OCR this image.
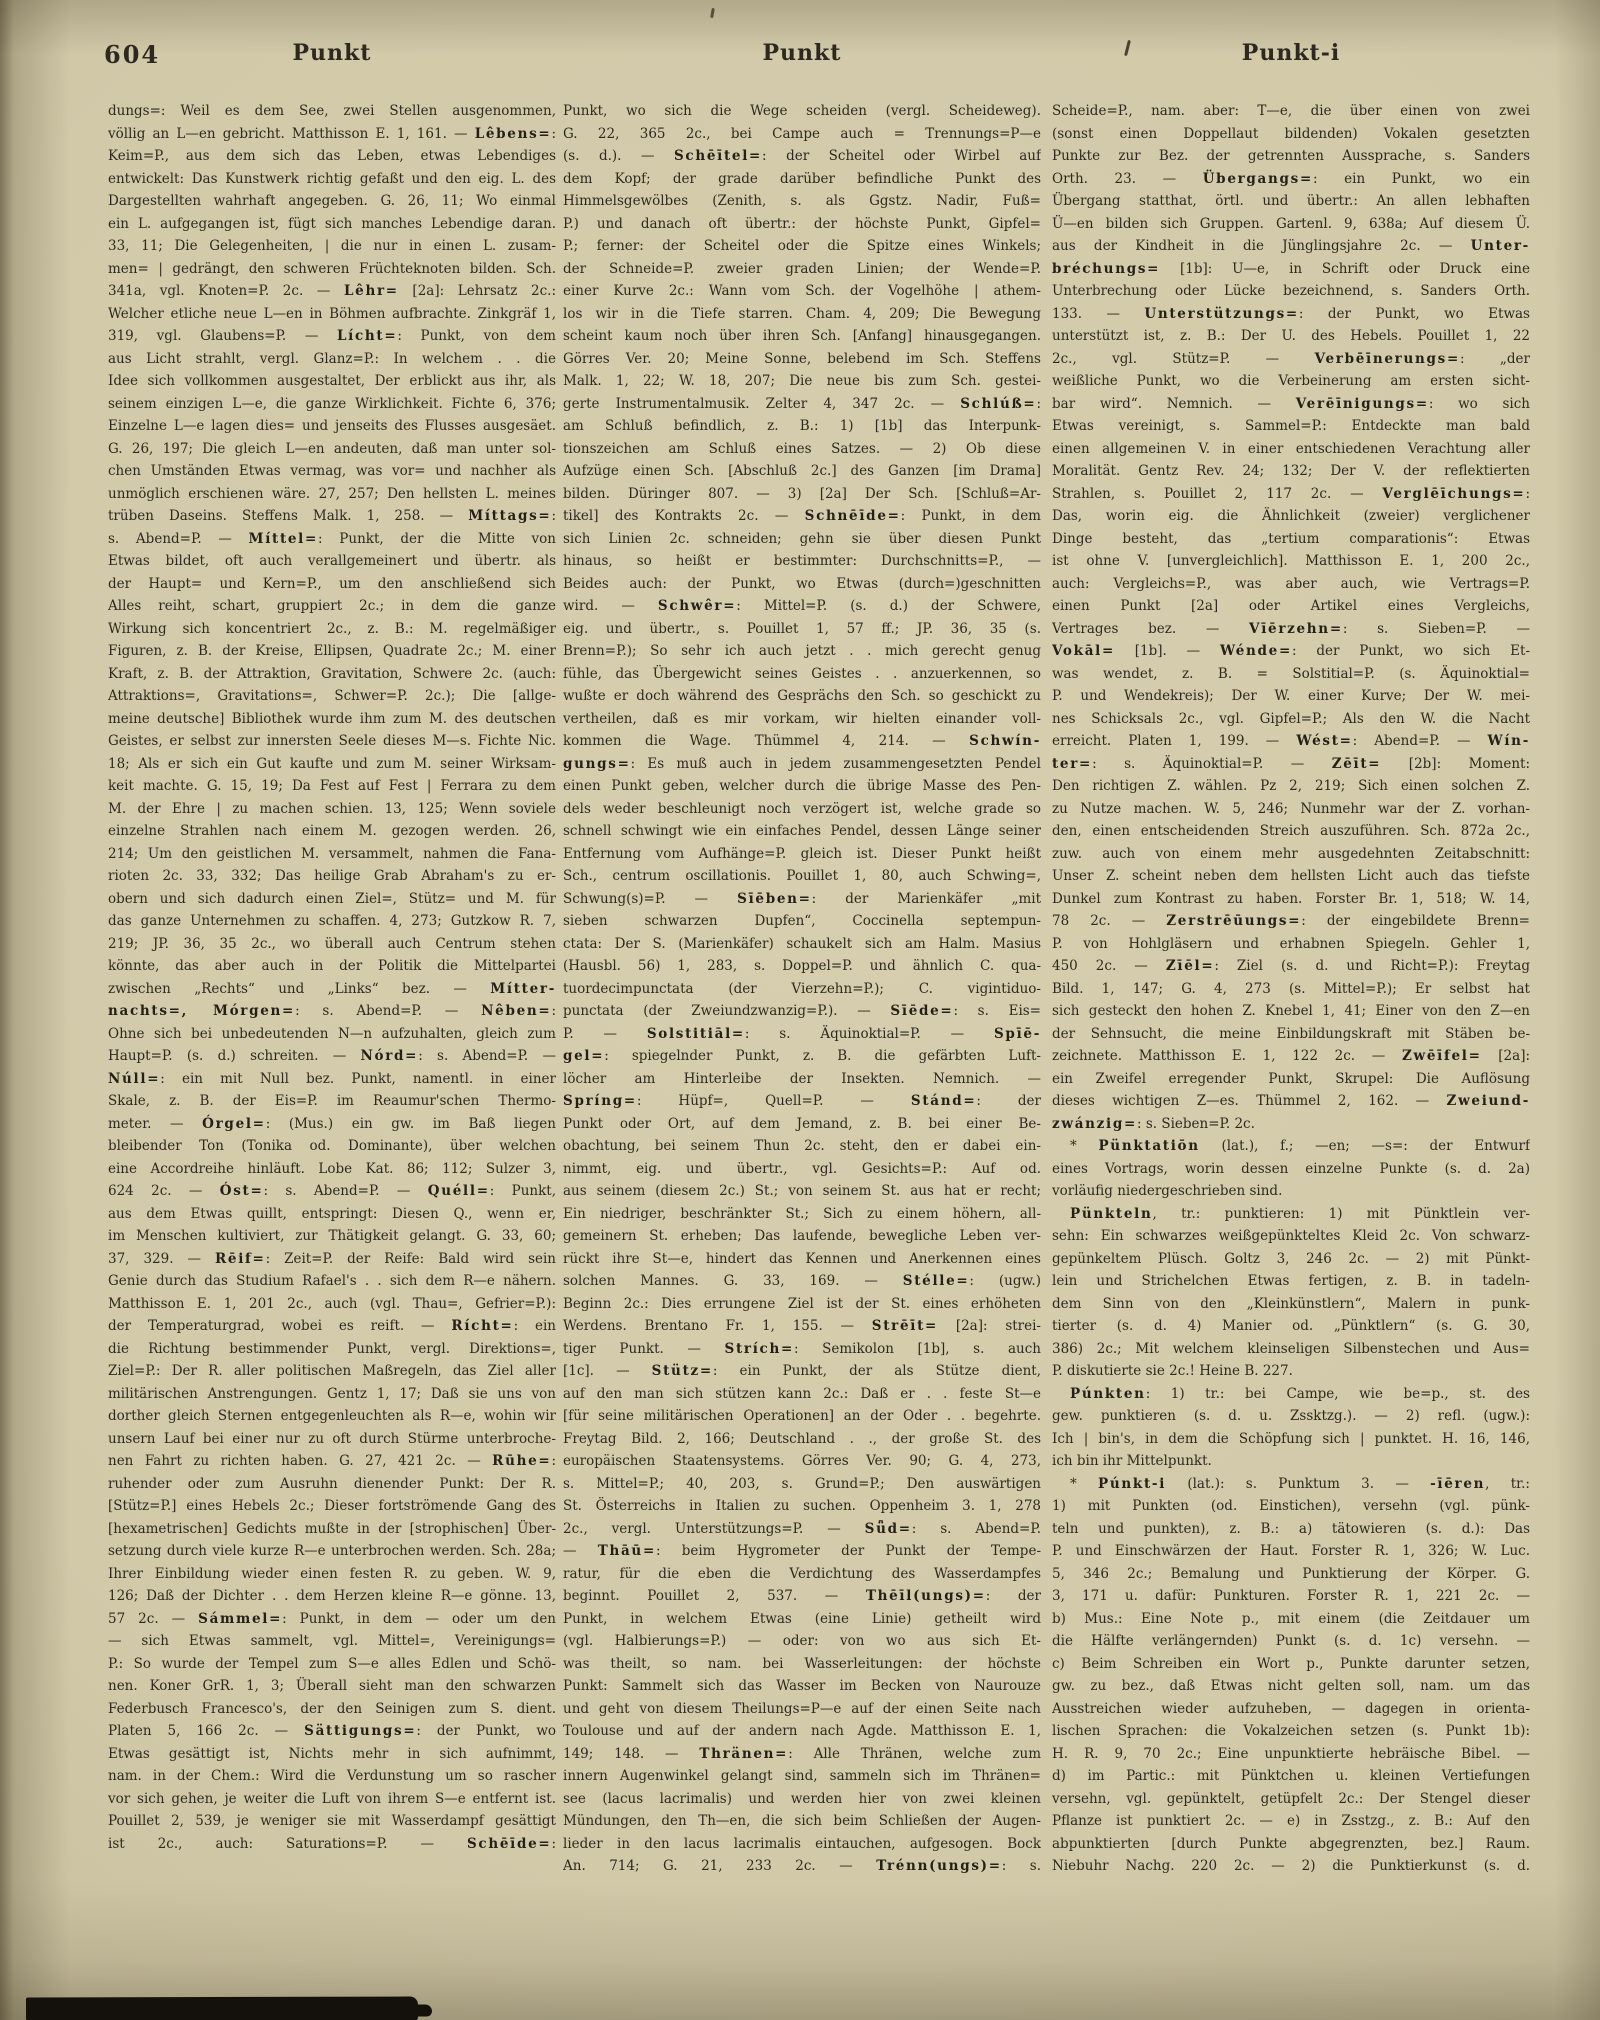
604	Punkt	Punkt	Punkt-i
dungs=: Weil es dem See, zwei Stellen ausgenommen,
völlig an L—en gebricht. Matthisson E. 1, 161. — Lêbens=:
Keim=P., aus dem sich das Leben, etwas Lebendiges
entwickelt: Das Kunstwerk richtig gefaßt und den eig. L. des
Dargestellten wahrhaft angegeben. G. 26, 11; Wo einmal
ein L. aufgegangen ist, fügt sich manches Lebendige daran.
33, 11; Die Gelegenheiten, | die nur in einen L. zusam-
men= | gedrängt, den schweren Früchteknoten bilden. Sch.
341a, vgl. Knoten=P. 2c. — Lêhr= [2a]: Lehrsatz 2c.:
Welcher etliche neue L—en in Böhmen aufbrachte. Zinkgräf 1,
319, vgl. Glaubens=P. — Lícht=: Punkt, von dem
aus Licht strahlt, vergl. Glanz=P.: In welchem . . die
Idee sich vollkommen ausgestaltet, Der erblickt aus ihr, als
seinem einzigen L—e, die ganze Wirklichkeit. Fichte 6, 376;
Einzelne L—e lagen dies= und jenseits des Flusses ausgesäet.
G. 26, 197; Die gleich L—en andeuten, daß man unter sol-
chen Umständen Etwas vermag, was vor= und nachher als
unmöglich erschienen wäre. 27, 257; Den hellsten L. meines
trüben Daseins. Steffens Malk. 1, 258. — Míttags=:
s. Abend=P. — Míttel=: Punkt, der die Mitte von
Etwas bildet, oft auch verallgemeinert und übertr. als
der Haupt= und Kern=P., um den anschließend sich
Alles reiht, schart, gruppiert 2c.; in dem die ganze
Wirkung sich koncentriert 2c., z. B.: M. regelmäßiger
Figuren, z. B. der Kreise, Ellipsen, Quadrate 2c.; M. einer
Kraft, z. B. der Attraktion, Gravitation, Schwere 2c. (auch:
Attraktions=, Gravitations=, Schwer=P. 2c.); Die [allge-
meine deutsche] Bibliothek wurde ihm zum M. des deutschen
Geistes, er selbst zur innersten Seele dieses M—s. Fichte Nic.
18; Als er sich ein Gut kaufte und zum M. seiner Wirksam-
keit machte. G. 15, 19; Da Fest auf Fest | Ferrara zu dem
M. der Ehre | zu machen schien. 13, 125; Wenn soviele
einzelne Strahlen nach einem M. gezogen werden. 26,
214; Um den geistlichen M. versammelt, nahmen die Fana-
rioten 2c. 33, 332; Das heilige Grab Abraham's zu er-
obern und sich dadurch einen Ziel=, Stütz= und M. für
das ganze Unternehmen zu schaffen. 4, 273; Gutzkow R. 7,
219; JP. 36, 35 2c., wo überall auch Centrum stehen
könnte, das aber auch in der Politik die Mittelpartei
zwischen „Rechts“ und „Links“ bez. — Mítter-
nachts=, Mórgen=: s. Abend=P. — Nêben=:
Ohne sich bei unbedeutenden N—n aufzuhalten, gleich zum
Haupt=P. (s. d.) schreiten. — Nórd=: s. Abend=P. —
Núll=: ein mit Null bez. Punkt, namentl. in einer
Skale, z. B. der Eis=P. im Reaumur'schen Thermo-
meter. — Órgel=: (Mus.) ein gw. im Baß liegen
bleibender Ton (Tonika od. Dominante), über welchen
eine Accordreihe hinläuft. Lobe Kat. 86; 112; Sulzer 3,
624 2c. — Óst=: s. Abend=P. — Quéll=: Punkt,
aus dem Etwas quillt, entspringt: Diesen Q., wenn er,
im Menschen kultiviert, zur Thätigkeit gelangt. G. 33, 60;
37, 329. — Rēif=: Zeit=P. der Reife: Bald wird sein
Genie durch das Studium Rafael's . . sich dem R—e nähern.
Matthisson E. 1, 201 2c., auch (vgl. Thau=, Gefrier=P.):
der Temperaturgrad, wobei es reift. — Rícht=: ein
die Richtung bestimmender Punkt, vergl. Direktions=,
Ziel=P.: Der R. aller politischen Maßregeln, das Ziel aller
militärischen Anstrengungen. Gentz 1, 17; Daß sie uns von
dorther gleich Sternen entgegenleuchten als R—e, wohin wir
unsern Lauf bei einer nur zu oft durch Stürme unterbroche-
nen Fahrt zu richten haben. G. 27, 421 2c. — Rūhe=:
ruhender oder zum Ausruhn dienender Punkt: Der R.
[Stütz=P.] eines Hebels 2c.; Dieser fortströmende Gang des
[hexametrischen] Gedichts mußte in der [strophischen] Über-
setzung durch viele kurze R—e unterbrochen werden. Sch. 28a;
Ihrer Einbildung wieder einen festen R. zu geben. W. 9,
126; Daß der Dichter . . dem Herzen kleine R—e gönne. 13,
57 2c. — Sámmel=: Punkt, in dem — oder um den
— sich Etwas sammelt, vgl. Mittel=, Vereinigungs=
P.: So wurde der Tempel zum S—e alles Edlen und Schö-
nen. Koner GrR. 1, 3; Überall sieht man den schwarzen
Federbusch Francesco's, der den Seinigen zum S. dient.
Platen 5, 166 2c. — Sättigungs=: der Punkt, wo
Etwas gesättigt ist, Nichts mehr in sich aufnimmt,
nam. in der Chem.: Wird die Verdunstung um so rascher
vor sich gehen, je weiter die Luft von ihrem S—e entfernt ist.
Pouillet 2, 539, je weniger sie mit Wasserdampf gesättigt
ist 2c., auch: Saturations=P. — Schēīde=:
Punkt, wo sich die Wege scheiden (vergl. Scheideweg).
G. 22, 365 2c., bei Campe auch = Trennungs=P—e
(s. d.). — Schēītel=: der Scheitel oder Wirbel auf
dem Kopf; der grade darüber befindliche Punkt des
Himmelsgewölbes (Zenith, s. als Ggstz. Nadir, Fuß=
P.) und danach oft übertr.: der höchste Punkt, Gipfel=
P.; ferner: der Scheitel oder die Spitze eines Winkels;
der Schneide=P. zweier graden Linien; der Wende=P.
einer Kurve 2c.: Wann vom Sch. der Vogelhöhe | athem-
los wir in die Tiefe starren. Cham. 4, 209; Die Bewegung
scheint kaum noch über ihren Sch. [Anfang] hinausgegangen.
Görres Ver. 20; Meine Sonne, belebend im Sch. Steffens
Malk. 1, 22; W. 18, 207; Die neue bis zum Sch. gestei-
gerte Instrumentalmusik. Zelter 4, 347 2c. — Schlúß=:
am Schluß befindlich, z. B.: 1) [1b] das Interpunk-
tionszeichen am Schluß eines Satzes. — 2) Ob diese
Aufzüge einen Sch. [Abschluß 2c.] des Ganzen [im Drama]
bilden. Düringer 807. — 3) [2a] Der Sch. [Schluß=Ar-
tikel] des Kontrakts 2c. — Schnēīde=: Punkt, in dem
sich Linien 2c. schneiden; gehn sie über diesen Punkt
hinaus, so heißt er bestimmter: Durchschnitts=P., —
Beides auch: der Punkt, wo Etwas (durch=)geschnitten
wird. — Schwêr=: Mittel=P. (s. d.) der Schwere,
eig. und übertr., s. Pouillet 1, 57 ff.; JP. 36, 35 (s.
Brenn=P.); So sehr ich auch jetzt . . mich gerecht genug
fühle, das Übergewicht seines Geistes . . anzuerkennen, so
wußte er doch während des Gesprächs den Sch. so geschickt zu
vertheilen, daß es mir vorkam, wir hielten einander voll-
kommen die Wage. Thümmel 4, 214. — Schwín-
gungs=: Es muß auch in jedem zusammengesetzten Pendel
einen Punkt geben, welcher durch die übrige Masse des Pen-
dels weder beschleunigt noch verzögert ist, welche grade so
schnell schwingt wie ein einfaches Pendel, dessen Länge seiner
Entfernung vom Aufhänge=P. gleich ist. Dieser Punkt heißt
Sch., centrum oscillationis. Pouillet 1, 80, auch Schwing=,
Schwung(s)=P. — Sīēben=: der Marienkäfer „mit
sieben schwarzen Dupfen“, Coccinella septempun-
ctata: Der S. (Marienkäfer) schaukelt sich am Halm. Masius
(Hausbl. 56) 1, 283, s. Doppel=P. und ähnlich C. qua-
tuordecimpunctata (der Vierzehn=P.); C. vigintiduo-
punctata (der Zweiundzwanzig=P.). — Sīēde=: s. Eis=
P. — Solstitiāl=: s. Äquinoktial=P. — Spīē-
gel=: spiegelnder Punkt, z. B. die gefärbten Luft-
löcher am Hinterleibe der Insekten. Nemnich. —
Spríng=: Hüpf=, Quell=P. — Stánd=: der
Punkt oder Ort, auf dem Jemand, z. B. bei einer Be-
obachtung, bei seinem Thun 2c. steht, den er dabei ein-
nimmt, eig. und übertr., vgl. Gesichts=P.: Auf od.
aus seinem (diesem 2c.) St.; von seinem St. aus hat er recht;
Ein niedriger, beschränkter St.; Sich zu einem höhern, all-
gemeinern St. erheben; Das laufende, bewegliche Leben ver-
rückt ihre St—e, hindert das Kennen und Anerkennen eines
solchen Mannes. G. 33, 169. — Stélle=: (ugw.)
Beginn 2c.: Dies errungene Ziel ist der St. eines erhöheten
Werdens. Brentano Fr. 1, 155. — Strēīt= [2a]: strei-
tiger Punkt. — Strích=: Semikolon [1b], s. auch
[1c]. — Stütz=: ein Punkt, der als Stütze dient,
auf den man sich stützen kann 2c.: Daß er . . feste St—e
[für seine militärischen Operationen] an der Oder . . begehrte.
Freytag Bild. 2, 166; Deutschland . ., der große St. des
europäischen Staatensystems. Görres Ver. 90; G. 4, 273,
s. Mittel=P.; 40, 203, s. Grund=P.; Den auswärtigen
St. Österreichs in Italien zu suchen. Oppenheim 3. 1, 278
2c., vergl. Unterstützungs=P. — Sǖd=: s. Abend=P.
— Thāū=: beim Hygrometer der Punkt der Tempe-
ratur, für die eben die Verdichtung des Wasserdampfes
beginnt. Pouillet 2, 537. — Thēīl(ungs)=: der
Punkt, in welchem Etwas (eine Linie) getheilt wird
(vgl. Halbierungs=P.) — oder: von wo aus sich Et-
was theilt, so nam. bei Wasserleitungen: der höchste
Punkt: Sammelt sich das Wasser im Becken von Naurouze
und geht von diesem Theilungs=P—e auf der einen Seite nach
Toulouse und auf der andern nach Agde. Matthisson E. 1,
149; 148. — Thränen=: Alle Thränen, welche zum
innern Augenwinkel gelangt sind, sammeln sich im Thränen=
see (lacus lacrimalis) und werden hier von zwei kleinen
Mündungen, den Th—en, die sich beim Schließen der Augen-
lieder in den lacus lacrimalis eintauchen, aufgesogen. Bock
An. 714; G. 21, 233 2c. — Trénn(ungs)=: s.
Scheide=P., nam. aber: T—e, die über einen von zwei
(sonst einen Doppellaut bildenden) Vokalen gesetzten
Punkte zur Bez. der getrennten Aussprache, s. Sanders
Orth. 23. — Übergangs=: ein Punkt, wo ein
Übergang statthat, örtl. und übertr.: An allen lebhaften
Ü—en bilden sich Gruppen. Gartenl. 9, 638a; Auf diesem Ü.
aus der Kindheit in die Jünglingsjahre 2c. — Unter-
bréchungs= [1b]: U—e, in Schrift oder Druck eine
Unterbrechung oder Lücke bezeichnend, s. Sanders Orth.
133. — Unterstützungs=: der Punkt, wo Etwas
unterstützt ist, z. B.: Der U. des Hebels. Pouillet 1, 22
2c., vgl. Stütz=P. — Verbēīnerungs=: „der
weißliche Punkt, wo die Verbeinerung am ersten sicht-
bar wird“. Nemnich. — Verēīnigungs=: wo sich
Etwas vereinigt, s. Sammel=P.: Entdeckte man bald
einen allgemeinen V. in einer entschiedenen Verachtung aller
Moralität. Gentz Rev. 24; 132; Der V. der reflektierten
Strahlen, s. Pouillet 2, 117 2c. — Verglēīchungs=:
Das, worin eig. die Ähnlichkeit (zweier) verglichener
Dinge besteht, das „tertium comparationis“: Etwas
ist ohne V. [unvergleichlich]. Matthisson E. 1, 200 2c.,
auch: Vergleichs=P., was aber auch, wie Vertrags=P.
einen Punkt [2a] oder Artikel eines Vergleichs,
Vertrages bez. — Vīērzehn=: s. Sieben=P. —
Vokāl= [1b]. — Wénde=: der Punkt, wo sich Et-
was wendet, z. B. = Solstitial=P. (s. Äquinoktial=
P. und Wendekreis); Der W. einer Kurve; Der W. mei-
nes Schicksals 2c., vgl. Gipfel=P.; Als den W. die Nacht
erreicht. Platen 1, 199. — Wést=: Abend=P. — Wín-
ter=: s. Äquinoktial=P. — Zēīt= [2b]: Moment:
Den richtigen Z. wählen. Pz 2, 219; Sich einen solchen Z.
zu Nutze machen. W. 5, 246; Nunmehr war der Z. vorhan-
den, einen entscheidenden Streich auszuführen. Sch. 872a 2c.,
zuw. auch von einem mehr ausgedehnten Zeitabschnitt:
Unser Z. scheint neben dem hellsten Licht auch das tiefste
Dunkel zum Kontrast zu haben. Forster Br. 1, 518; W. 14,
78 2c. — Zerstrēūungs=: der eingebildete Brenn=
P. von Hohlgläsern und erhabnen Spiegeln. Gehler 1,
450 2c. — Zīēl=: Ziel (s. d. und Richt=P.): Freytag
Bild. 1, 147; G. 4, 273 (s. Mittel=P.); Er selbst hat
sich gesteckt den hohen Z. Knebel 1, 41; Einer von den Z—en
der Sehnsucht, die meine Einbildungskraft mit Stäben be-
zeichnete. Matthisson E. 1, 122 2c. — Zwēīfel= [2a]:
ein Zweifel erregender Punkt, Skrupel: Die Auflösung
dieses wichtigen Z—es. Thümmel 2, 162. — Zweiund-
zwánzig=: s. Sieben=P. 2c.
* Pünktatiōn (lat.), f.; —en; —s=: der Entwurf
eines Vortrags, worin dessen einzelne Punkte (s. d. 2a)
vorläufig niedergeschrieben sind.
Pünkteln, tr.: punktieren: 1) mit Pünktlein ver-
sehn: Ein schwarzes weißgepünkteltes Kleid 2c. Von schwarz-
gepünkeltem Plüsch. Goltz 3, 246 2c. — 2) mit Pünkt-
lein und Strichelchen Etwas fertigen, z. B. in tadeln-
dem Sinn von den „Kleinkünstlern“, Malern in punk-
tierter (s. d. 4) Manier od. „Pünktlern“ (s. G. 30,
386) 2c.; Mit welchem kleinseligen Silbenstechen und Aus=
P. diskutierte sie 2c.! Heine B. 227.
Púnkten: 1) tr.: bei Campe, wie be=p., st. des
gew. punktieren (s. d. u. Zssktzg.). — 2) refl. (ugw.):
Ich | bin's, in dem die Schöpfung sich | punktet. H. 16, 146,
ich bin ihr Mittelpunkt.
* Púnkt-i (lat.): s. Punktum 3. — -īēren, tr.:
1) mit Punkten (od. Einstichen), versehn (vgl. pünk-
teln und punkten), z. B.: a) tätowieren (s. d.): Das
P. und Einschwärzen der Haut. Forster R. 1, 326; W. Luc.
5, 346 2c.; Bemalung und Punktierung der Körper. G.
3, 171 u. dafür: Punkturen. Forster R. 1, 221 2c. —
b) Mus.: Eine Note p., mit einem (die Zeitdauer um
die Hälfte verlängernden) Punkt (s. d. 1c) versehn. —
c) Beim Schreiben ein Wort p., Punkte darunter setzen,
gw. zu bez., daß Etwas nicht gelten soll, nam. um das
Ausstreichen wieder aufzuheben, — dagegen in orienta-
lischen Sprachen: die Vokalzeichen setzen (s. Punkt 1b):
H. R. 9, 70 2c.; Eine unpunktierte hebräische Bibel. —
d) im Partic.: mit Pünktchen u. kleinen Vertiefungen
versehn, vgl. gepünktelt, getüpfelt 2c.: Der Stengel dieser
Pflanze ist punktiert 2c. — e) in Zsstzg., z. B.: Auf den
abpunktierten [durch Punkte abgegrenzten, bez.] Raum.
Niebuhr Nachg. 220 2c. — 2) die Punktierkunst (s. d.
